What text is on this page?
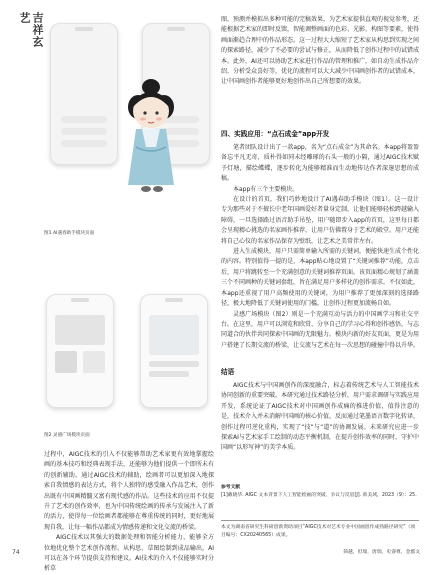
吉祥玄艺
图1 AI遇春助手模块页面
图2 灵感广场模块页面

过程中，AIGC技术的引入不仅能够帮助艺术家更有效地掌握绘画的基本技巧和经典表现手法，还能够为他们提供一个即所未有的创新辅助。通过AIGC技术的辅助，绘画者可以更加深入地探索自我情感的表达方式，将个人独特的感受融入作品艺术，创作出既有中国画精髓又富有现代感的作品。这些技术的应用不仅提升了艺术的创作效率，也为中国传统绘画的传承与发展注入了新的活力，使得每一位绘画者都能够在尊重传统的同时，更好地展现自我，让每一幅作品都成为情感传递和文化交流的桥梁。

AIGC技术以其强大的数据处理和智能分析能力，能够全方位地优化整个艺术创作流程。从构思、草图绘制到成品输出，AI可以在各个环节提供支持和建议。AI技术的介入不仅能够实时分析草

图，预测并模拟出多种可能的完稿效果，为艺术家提供直观的视觉参考，还能根据艺术家的即时反馈，智能调整画面的色彩、光影、构图等要素，使得画面渐趋合理中的作品形态。这一过程大大缩短了艺术家从构思到实现之间的探索路径，减少了不必要的尝试与修正，从而降低了创作过程中的试错成本。此外，AI还可以协助艺术家进行作品的管理和推广，如自动生成作品介绍、分析受众喜好等，优化的流程可以大大减少中国画创作者的试错成本，让中国画创作者能够更好地创作出自己所想要的效果。

四、实践应用：“点石成金”app开发

笔者团队设计出了一款app，名为“点石成金”为其命名。本app将盈盈备忘平凡无奇，质朴得如同未经雕琢的石头一般的小隔，通过AIGC技术赋予灯塘，描绘蝶蝶，逐步转化为能够精准而生动地传达作者深邃思想的成稿。

本app有三个主要模块。

在设计的首页，我们巧妙地设计了AI遇春助手模块（图1）。这一设计专为那些对于不擅长中老年国画爱好者量身定制，让他们能够轻松跨越输入障碍，一旦选择路过语音助手吊坠，用户随即步入app的首页，这里每日都会呈现精心挑选的名家画作推荐，让用户仿佛置身于艺术的殿堂。用户还能将自己心仪的名家作品保存为壁纸，让艺术之美常伴左右。

进入生成模块，用户只需简单输入所需的关键词，便能快速生成个性化的内容。特别值得一提的是，本app贴心地设置了“关键词推荐”功能，点击后，用户将跳转至一个充满创意的关键词推荐页面。该页面精心规划了涵盖三个不同画种的关键词套组，旨在满足用户多样化的创作需求。不仅如此，本app还重视了用户高频使用的关键词，为用户推荐了更加深刻的选择路径，极大地降低了关键词使用的门槛，让创作过程更加流畅自如。

灵感广场模块（图2）则是一个充满互动与活力的中国画学习和社交平台。在这里，用户可以浏览和欣赏、分享自己的学习心得和创作感悟，与志同道合的伙伴共同探索中国画的无限魅力。模块内新的好友页面，更是为用户搭建了长期交流的桥梁，让交流与艺术在每一次思想的碰撞中得以升华。

结语

AIGC技术与中国画创作的深度融合，标志着传统艺术与人工智能技术协同创新的重要突破。本研究通过技术路径分析，用户需求调研与实践应用开发，系统论证了AIGC技术对中国画创作成痛的推进价值，值得注意的是，技术介入并未消解中国画的核心价值，反而通过笔墨语言数字化转译，创作过程可逆化重构，实现了“技”与“道”的协调发展。未来研究应进一步探索AI与艺术家手工绘制的动态平衡机制，在提升创作效率的同时，守护中国画“以形写神”的美学本质。

参考文献
[1]戴晓华. AIGC 文本背景下人工智能绘画的突破、争议与反思[J]. 新美域，2023（9）：25.
本文为湖南省研究生科研创新资助项目“AIGC技术对艺术专业中国画创作成熟路径研究”（项目编号：CX20240565）成果。
简越，但瑞，唐瑞，史睿尊，金郡文
74
